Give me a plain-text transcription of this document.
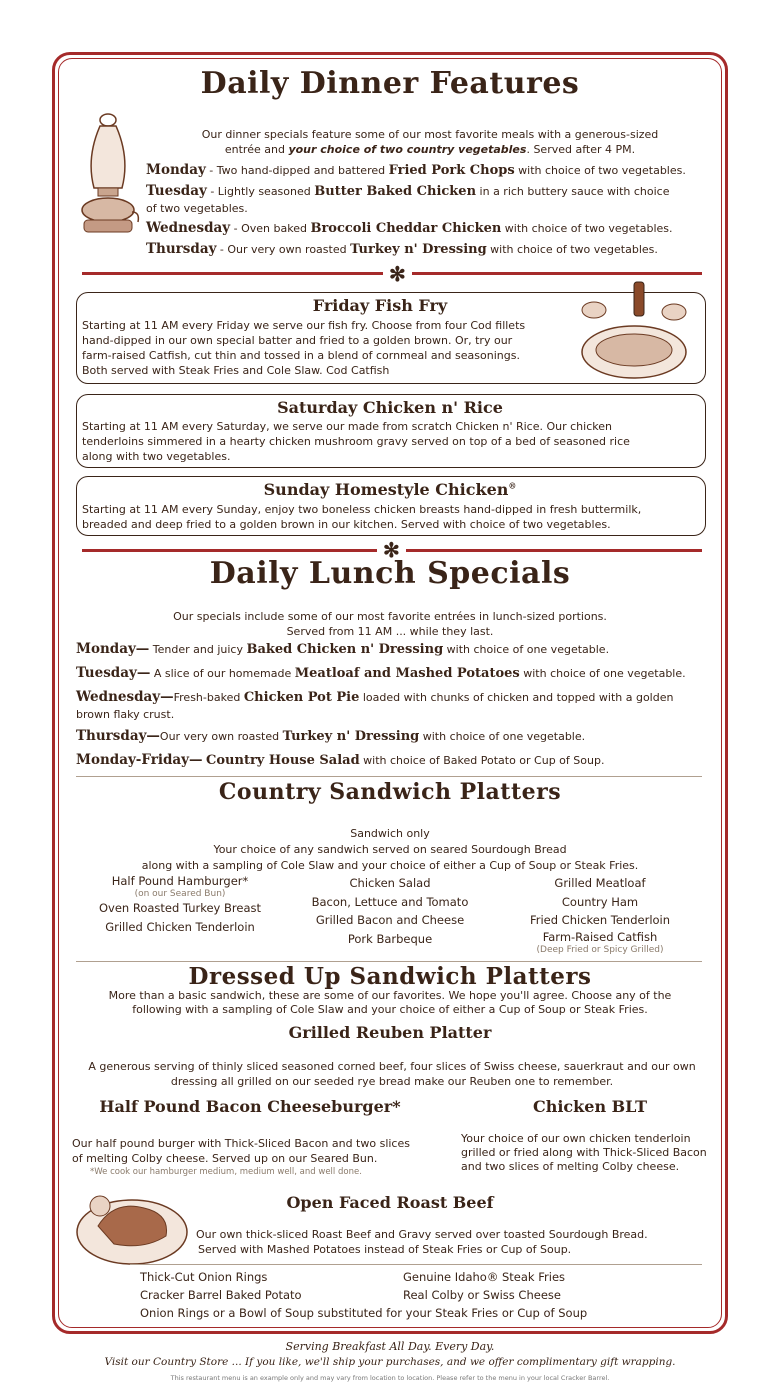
Daily Dinner Features
Our dinner specials feature some of our most favorite meals with a generous-sized
entrée and your choice of two country vegetables. Served after 4 PM.
Monday - Two hand-dipped and battered Fried Pork Chops with choice of two vegetables.
Tuesday - Lightly seasoned Butter Baked Chicken in a rich buttery sauce with choice
of two vegetables.
Wednesday - Oven baked Broccoli Cheddar Chicken with choice of two vegetables.
Thursday - Our very own roasted Turkey n' Dressing with choice of two vegetables.
✻
Friday Fish Fry
Starting at 11 AM every Friday we serve our fish fry. Choose from four Cod fillets
hand-dipped in our own special batter and fried to a golden brown. Or, try our
farm-raised Catfish, cut thin and tossed in a blend of cornmeal and seasonings.
Both served with Steak Fries and Cole Slaw. Cod Catfish
Saturday Chicken n' Rice
Starting at 11 AM every Saturday, we serve our made from scratch Chicken n' Rice. Our chicken
tenderloins simmered in a hearty chicken mushroom gravy served on top of a bed of seasoned rice
along with two vegetables.
Sunday Homestyle Chicken®
Starting at 11 AM every Sunday, enjoy two boneless chicken breasts hand-dipped in fresh buttermilk,
breaded and deep fried to a golden brown in our kitchen. Served with choice of two vegetables.
✻
Daily Lunch Specials
Our specials include some of our most favorite entrées in lunch-sized portions.
Served from 11 AM ... while they last.
Monday— Tender and juicy Baked Chicken n' Dressing with choice of one vegetable.
Tuesday— A slice of our homemade Meatloaf and Mashed Potatoes with choice of one vegetable.
Wednesday—Fresh-baked Chicken Pot Pie loaded with chunks of chicken and topped with a golden
brown flaky crust.
Thursday—Our very own roasted Turkey n' Dressing with choice of one vegetable.
Monday-Friday— Country House Salad with choice of Baked Potato or Cup of Soup.
Country Sandwich Platters
Sandwich only
Your choice of any sandwich served on seared Sourdough Bread
along with a sampling of Cole Slaw and your choice of either a Cup of Soup or Steak Fries.
Half Pound Hamburger*
(on our Seared Bun)
Oven Roasted Turkey Breast
Grilled Chicken Tenderloin
Chicken Salad
Bacon, Lettuce and Tomato
Grilled Bacon and Cheese
Pork Barbeque
Grilled Meatloaf
Country Ham
Fried Chicken Tenderloin
Farm-Raised Catfish
(Deep Fried or Spicy Grilled)
Dressed Up Sandwich Platters
More than a basic sandwich, these are some of our favorites. We hope you'll agree. Choose any of the
following with a sampling of Cole Slaw and your choice of either a Cup of Soup or Steak Fries.
Grilled Reuben Platter
A generous serving of thinly sliced seasoned corned beef, four slices of Swiss cheese, sauerkraut and our own
dressing all grilled on our seeded rye bread make our Reuben one to remember.
Half Pound Bacon Cheeseburger*
Our half pound burger with Thick-Sliced Bacon and two slices
of melting Colby cheese. Served up on our Seared Bun.
*We cook our hamburger medium, medium well, and well done.
Chicken BLT
Your choice of our own chicken tenderloin
grilled or fried along with Thick-Sliced Bacon
and two slices of melting Colby cheese.
Open Faced Roast Beef
Our own thick-sliced Roast Beef and Gravy served over toasted Sourdough Bread.
Served with Mashed Potatoes instead of Steak Fries or Cup of Soup.
Thick-Cut Onion Rings
Cracker Barrel Baked Potato
Genuine Idaho® Steak Fries
Real Colby or Swiss Cheese
Onion Rings or a Bowl of Soup substituted for your Steak Fries or Cup of Soup
Serving Breakfast All Day. Every Day.
Visit our Country Store ... If you like, we'll ship your purchases, and we offer complimentary gift wrapping.
This restaurant menu is an example only and may vary from location to location. Please refer to the menu in your local Cracker Barrel.
